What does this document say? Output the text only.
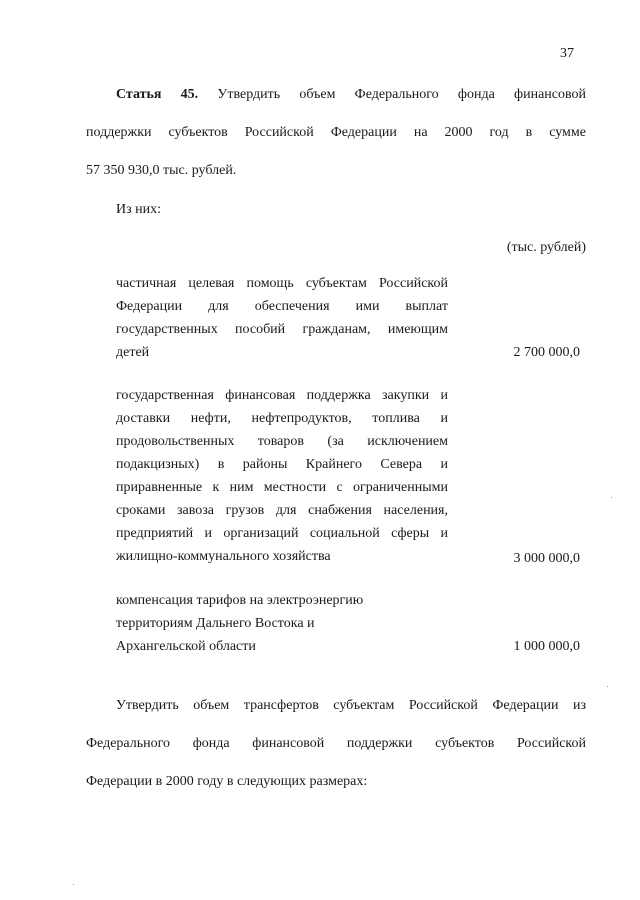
37
Статья 45. Утвердить объем Федерального фонда финансовой
поддержки субъектов Российской Федерации на 2000 год в сумме
57 350 930,0 тыс. рублей.
Из них:
(тыс. рублей)
частичная целевая помощь субъектам Российской
Федерации для обеспечения ими выплат
государственных пособий гражданам, имеющим
детей	2 700 000,0
государственная финансовая поддержка закупки и
доставки нефти, нефтепродуктов, топлива и
продовольственных товаров (за исключением
подакцизных) в районы Крайнего Севера и
приравненные к ним местности с ограниченными
сроками завоза грузов для снабжения населения,
предприятий и организаций социальной сферы и
жилищно-коммунального хозяйства	3 000 000,0
компенсация тарифов на электроэнергию
территориям Дальнего Востока и
Архангельской области	1 000 000,0
Утвердить объем трансфертов субъектам Российской Федерации из
Федерального фонда финансовой поддержки субъектов Российской
Федерации в 2000 году в следующих размерах:
